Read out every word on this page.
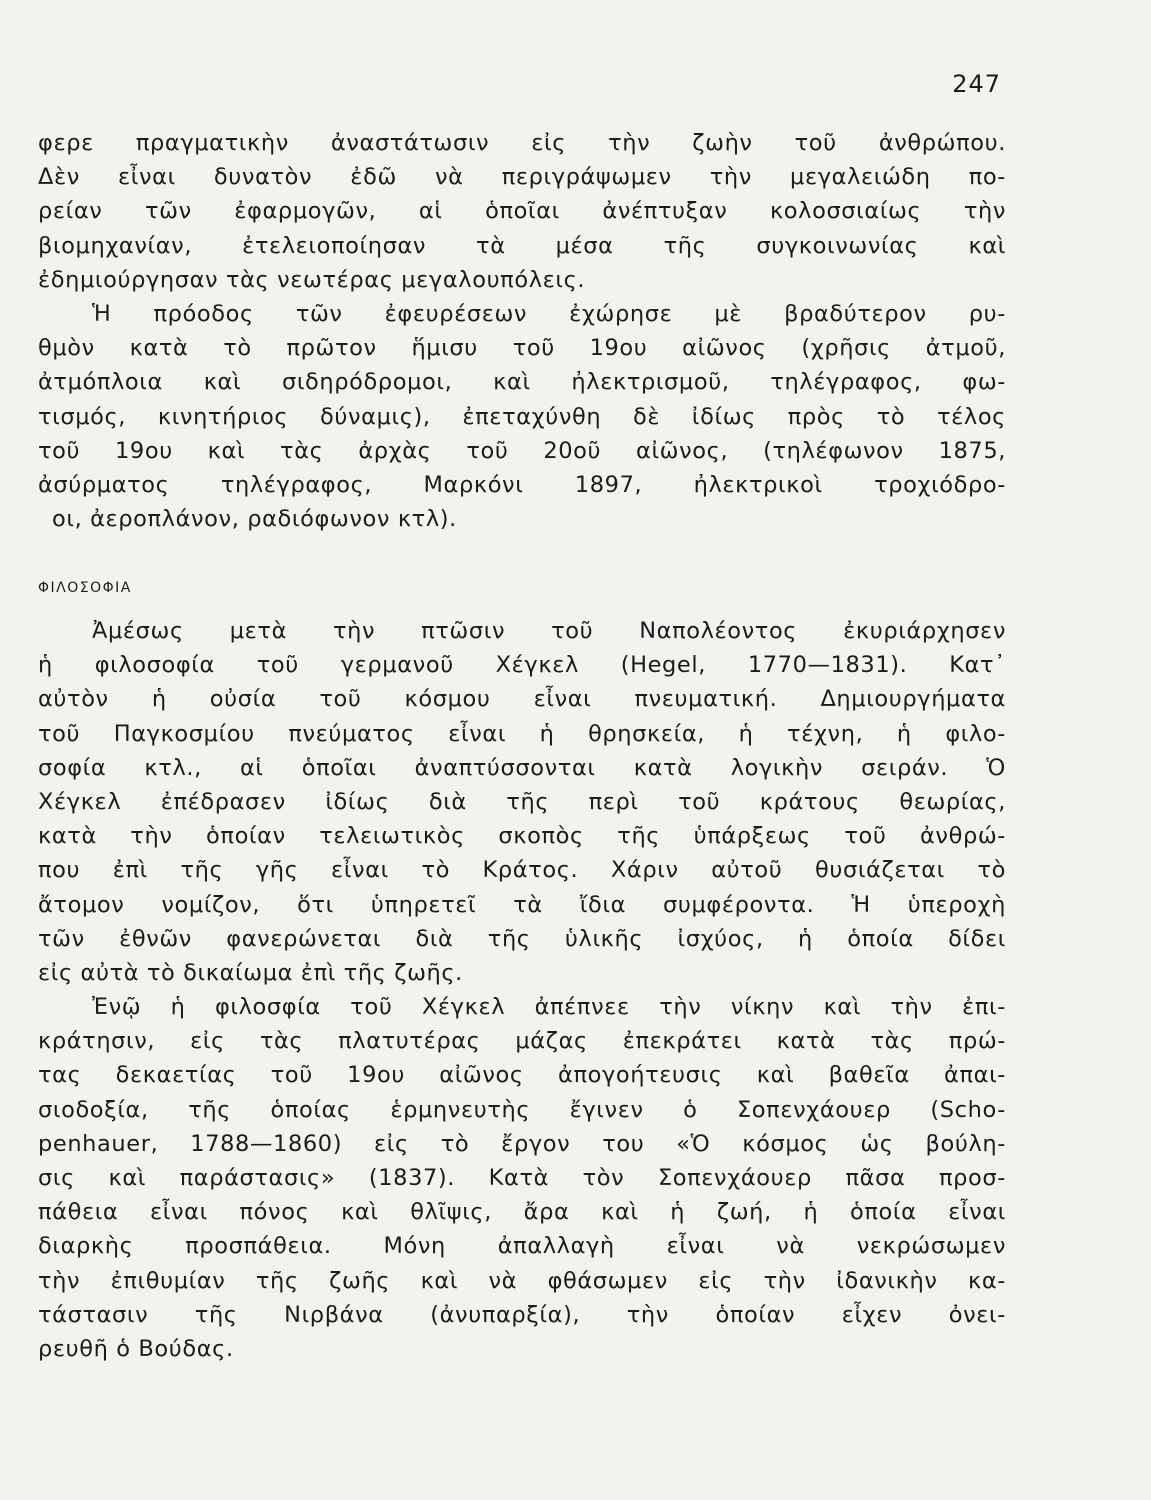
247
φερε πραγματικὴν ἀναστάτωσιν εἰς τὴν ζωὴν τοῦ ἀνθρώπου.
Δὲν εἶναι δυνατὸν ἐδῶ νὰ περιγράψωμεν τὴν μεγαλειώδη πο-
ρείαν τῶν ἐφαρμογῶν, αἱ ὁποῖαι ἀνέπτυξαν κολοσσιαίως τὴν
βιομηχανίαν, ἐτελειοποίησαν τὰ μέσα τῆς συγκοινωνίας καὶ
ἐδημιούργησαν τὰς νεωτέρας μεγαλουπόλεις.
Ἡ πρόοδος τῶν ἐφευρέσεων ἐχώρησε μὲ βραδύτερον ρυ-
θμὸν κατὰ τὸ πρῶτον ἥμισυ τοῦ 19ου αἰῶνος (χρῆσις ἀτμοῦ,
ἀτμόπλοια καὶ σιδηρόδρομοι, καὶ ἠλεκτρισμοῦ, τηλέγραφος, φω-
τισμός, κινητήριος δύναμις), ἐπεταχύνθη δὲ ἰδίως πρὸς τὸ τέλος
τοῦ 19ου καὶ τὰς ἀρχὰς τοῦ 20οῦ αἰῶνος, (τηλέφωνον 1875,
ἀσύρματος τηλέγραφος, Μαρκόνι 1897, ἠλεκτρικοὶ τροχιόδρο-
οι, ἀεροπλάνον, ραδιόφωνον κτλ).
ΦΙΛΟΣΟΦΙΑ
Ἀμέσως μετὰ τὴν πτῶσιν τοῦ Ναπολέοντος ἐκυριάρχησεν
ἡ φιλοσοφία τοῦ γερμανοῦ Χέγκελ (Hegel, 1770—1831). Κατ᾿
αὐτὸν ἡ οὐσία τοῦ κόσμου εἶναι πνευματική. Δημιουργήματα
τοῦ Παγκοσμίου πνεύματος εἶναι ἡ θρησκεία, ἡ τέχνη, ἡ φιλο-
σοφία κτλ., αἱ ὁποῖαι ἀναπτύσσονται κατὰ λογικὴν σειράν. Ὁ
Χέγκελ ἐπέδρασεν ἰδίως διὰ τῆς περὶ τοῦ κράτους θεωρίας,
κατὰ τὴν ὁποίαν τελειωτικὸς σκοπὸς τῆς ὑπάρξεως τοῦ ἀνθρώ-
που ἐπὶ τῆς γῆς εἶναι τὸ Κράτος. Χάριν αὐτοῦ θυσιάζεται τὸ
ἄτομον νομίζον, ὅτι ὑπηρετεῖ τὰ ἴδια συμφέροντα. Ἡ ὑπεροχὴ
τῶν ἐθνῶν φανερώνεται διὰ τῆς ὑλικῆς ἰσχύος, ἡ ὁποία δίδει
εἰς αὐτὰ τὸ δικαίωμα ἐπὶ τῆς ζωῆς.
Ἐνῷ ἡ φιλοσφία τοῦ Χέγκελ ἀπέπνεε τὴν νίκην καὶ τὴν ἐπι-
κράτησιν, εἰς τὰς πλατυτέρας μάζας ἐπεκράτει κατὰ τὰς πρώ-
τας δεκαετίας τοῦ 19ου αἰῶνος ἀπογοήτευσις καὶ βαθεῖα ἀπαι-
σιοδοξία, τῆς ὁποίας ἑρμηνευτὴς ἔγινεν ὁ Σοπενχάουερ (Scho-
penhauer, 1788—1860) εἰς τὸ ἔργον του «Ὁ κόσμος ὡς βούλη-
σις καὶ παράστασις» (1837). Κατὰ τὸν Σοπενχάουερ πᾶσα προσ-
πάθεια εἶναι πόνος καὶ θλῖψις, ἄρα καὶ ἡ ζωή, ἡ ὁποία εἶναι
διαρκὴς προσπάθεια. Μόνη ἀπαλλαγὴ εἶναι νὰ νεκρώσωμεν
τὴν ἐπιθυμίαν τῆς ζωῆς καὶ νὰ φθάσωμεν εἰς τὴν ἰδανικὴν κα-
τάστασιν τῆς Νιρβάνα (ἀνυπαρξία), τὴν ὁποίαν εἶχεν ὀνει-
ρευθῆ ὁ Βούδας.
